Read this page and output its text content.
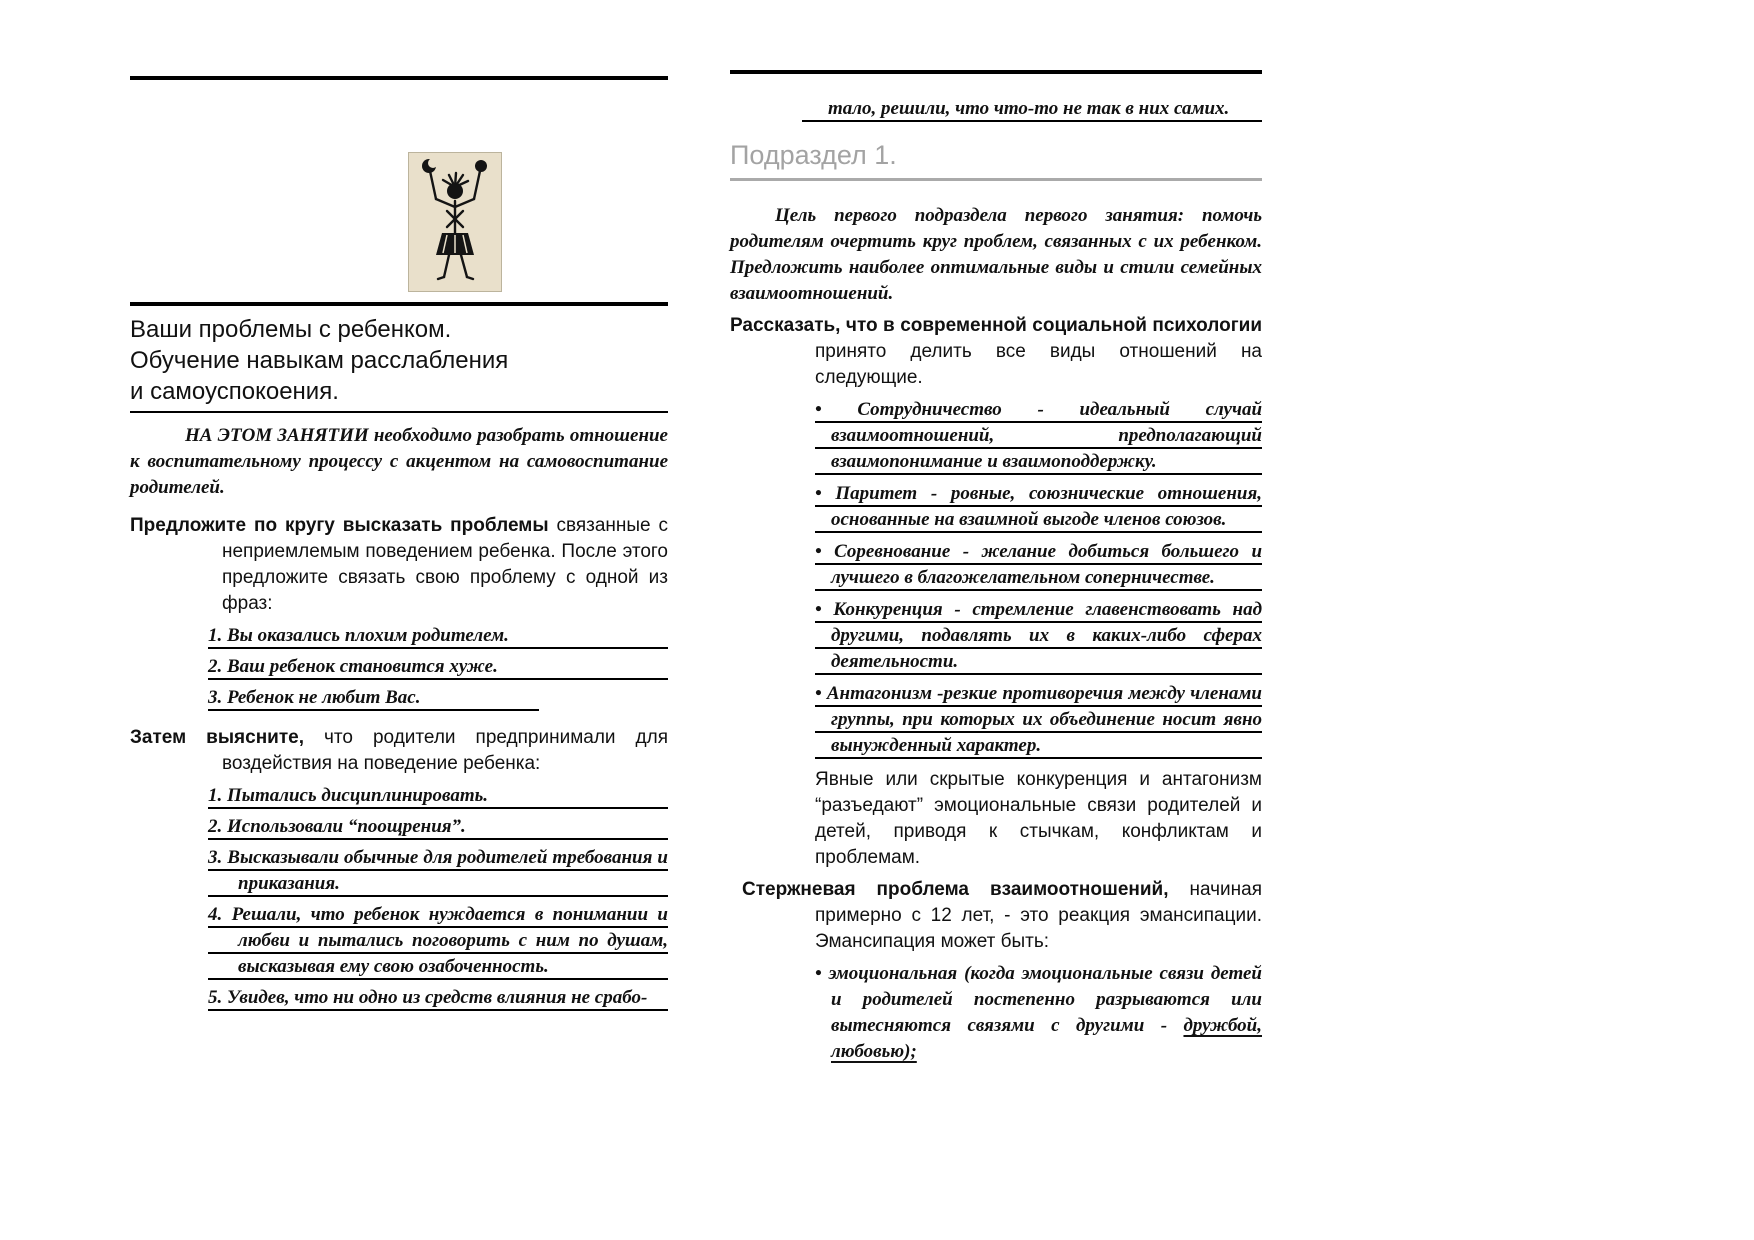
Ваши проблемы с ребенком.
Обучение навыкам расслабления
и самоуспокоения.

НА ЭТОМ ЗАНЯТИИ необходимо разобрать отношение к воспитательному процессу с акцентом на самовоспитание родителей.

Предложите по кругу высказать проблемы связанные с неприемлемым поведением ребенка. После этого предложите связать свою проблему с одной из фраз:

1. Вы оказались плохим родителем.
2. Ваш ребенок становится хуже.
3. Ребенок не любит Вас.

Затем выясните, что родители предпринимали для воздействия на поведение ребенка:

1. Пытались дисциплинировать.
2. Использовали “поощрения”.
3. Высказывали обычные для родителей требования и приказания.
4. Решали, что ребенок нуждается в понимании и любви и пытались поговорить с ним по душам, высказывая ему свою озабоченность.
5. Увидев, что ни одно из средств влияния не срабо-
тало, решили, что что-то не так в них самих.
Подраздел 1.

Цель первого подраздела первого занятия: помочь родителям очертить круг проблем, связанных с их ребенком. Предложить наиболее оптимальные виды и стили семейных взаимоотношений.

Рассказать, что в современной социальной психологии принято делить все виды отношений на следующие.

• Сотрудничество - идеальный случай взаимоотношений, предполагающий взаимопонимание и взаимоподдержку.
• Паритет - ровные, союзнические отношения, основанные на взаимной выгоде членов союзов.
• Соревнование - желание добиться большего и лучшего в благожелательном соперничестве.
• Конкуренция - стремление главенствовать над другими, подавлять их в каких-либо сферах деятельности.
• Антагонизм -резкие противоречия между членами группы, при которых их объединение носит явно вынужденный характер.

Явные или скрытые конкуренция и антагонизм “разъедают” эмоциональные связи родителей и детей, приводя к стычкам, конфликтам и проблемам.

Стержневая проблема взаимоотношений, начиная примерно с 12 лет, - это реакция эмансипации. Эмансипация может быть:

• эмоциональная (когда эмоциональные связи детей и родителей постепенно разрываются или вытесняются связями с другими - дружбой, любовью);
